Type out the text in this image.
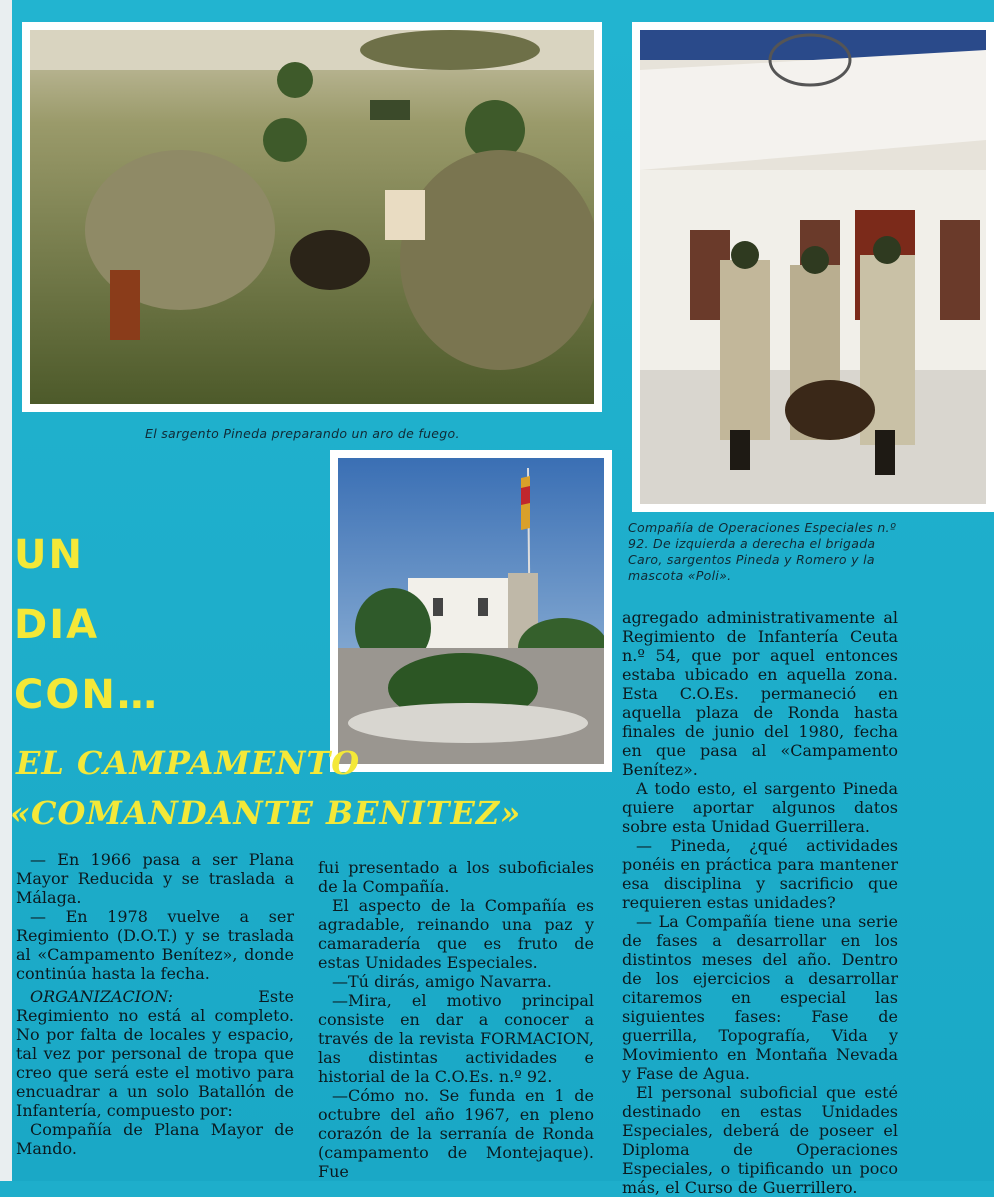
El sargento Pineda preparando un aro de fuego.
Compañía de Operaciones Especiales n.º 92. De izquierda a derecha el brigada Caro, sargentos Pineda y Romero y la mascota «Poli».
UN
DIA
CON…
EL CAMPAMENTO
«COMANDANTE BENITEZ»

— En 1966 pasa a ser Plana Mayor Reducida y se traslada a Málaga.

— En 1978 vuelve a ser Regimiento (D.O.T.) y se traslada al «Campamento Benítez», donde continúa hasta la fecha.

ORGANIZACION: Este Regimiento no está al completo. No por falta de locales y espacio, tal vez por personal de tropa que creo que será este el motivo para encuadrar a un solo Batallón de Infantería, compuesto por:

Compañía de Plana Mayor de Mando.

fui presentado a los suboficiales de la Compañía.

El aspecto de la Compañía es agradable, reinando una paz y camaradería que es fruto de estas Unidades Especiales.

—Tú dirás, amigo Navarra.

—Mira, el motivo principal consiste en dar a conocer a través de la revista FORMACION, las distintas actividades e historial de la C.O.Es. n.º 92.

—Cómo no. Se funda en 1 de octubre del año 1967, en pleno corazón de la serranía de Ronda (campamento de Montejaque). Fue

agregado administrativamente al Regimiento de Infantería Ceuta n.º 54, que por aquel entonces estaba ubicado en aquella zona. Esta C.O.Es. permaneció en aquella plaza de Ronda hasta finales de junio del 1980, fecha en que pasa al «Campamento Benítez».

A todo esto, el sargento Pineda quiere aportar algunos datos sobre esta Unidad Guerrillera.

— Pineda, ¿qué actividades ponéis en práctica para mantener esa disciplina y sacrificio que requieren estas unidades?

— La Compañía tiene una serie de fases a desarrollar en los distintos meses del año. Dentro de los ejercicios a desarrollar citaremos en especial las siguientes fases: Fase de guerrilla, Topografía, Vida y Movimiento en Montaña Nevada y Fase de Agua.

El personal suboficial que esté destinado en estas Unidades Especiales, deberá de poseer el Diploma de Operaciones Especiales, o tipificando un poco más, el Curso de Guerrillero.
